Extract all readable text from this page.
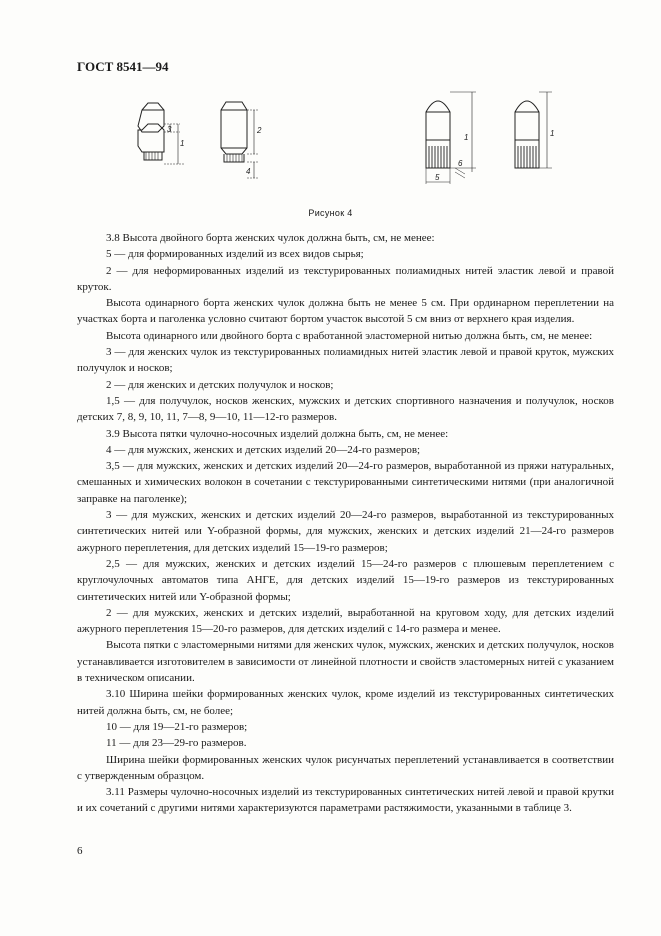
ГОСТ 8541—94
3
1
2
4
1
5
6
1
Рисунок 4

3.8 Высота двойного борта женских чулок должна быть, см, не менее:

5 — для формированных изделий из всех видов сырья;

2 — для неформированных изделий из текстурированных полиамидных нитей эластик левой и правой круток.

Высота одинарного борта женских чулок должна быть не менее 5 см. При ординарном переплетении на участках борта и паголенка условно считают бортом участок высотой 5 см вниз от верхнего края изделия.

Высота одинарного или двойного борта с вработанной эластомерной нитью должна быть, см, не менее:

3 — для женских чулок из текстурированных полиамидных нитей эластик левой и правой круток, мужских получулок и носков;

2 — для женских и детских получулок и носков;

1,5 — для получулок, носков женских, мужских и детских спортивного назначения и получулок, носков детских 7, 8, 9, 10, 11, 7—8, 9—10, 11—12-го размеров.

3.9 Высота пятки чулочно-носочных изделий должна быть, см, не менее:

4 — для мужских, женских и детских изделий 20—24-го размеров;

3,5 — для мужских, женских и детских изделий 20—24-го размеров, выработанной из пряжи натуральных, смешанных и химических волокон в сочетании с текстурированными синтетическими нитями (при аналогичной заправке на паголенке);

3 — для мужских, женских и детских изделий 20—24-го размеров, выработанной из текстурированных синтетических нитей или Y-образной формы, для мужских, женских и детских изделий 21—24-го размеров ажурного переплетения, для детских изделий 15—19-го размеров;

2,5 — для мужских, женских и детских изделий 15—24-го размеров с плюшевым переплетением с круглочулочных автоматов типа АНГЕ, для детских изделий 15—19-го размеров из текстурированных синтетических нитей или Y-образной формы;

2 — для мужских, женских и детских изделий, выработанной на круговом ходу, для детских изделий ажурного переплетения 15—20-го размеров, для детских изделий с 14-го размера и менее.

Высота пятки с эластомерными нитями для женских чулок, мужских, женских и детских получулок, носков устанавливается изготовителем в зависимости от линейной плотности и свойств эластомерных нитей с указанием в техническом описании.

3.10 Ширина шейки формированных женских чулок, кроме изделий из текстурированных синтетических нитей должна быть, см, не более;

10 — для 19—21-го размеров;

11 — для 23—29-го размеров.

Ширина шейки формированных женских чулок рисунчатых переплетений устанавливается в соответствии с утвержденным образцом.

3.11 Размеры чулочно-носочных изделий из текстурированных синтетических нитей левой и правой крутки и их сочетаний с другими нитями характеризуются параметрами растяжимости, указанными в таблице 3.

6
